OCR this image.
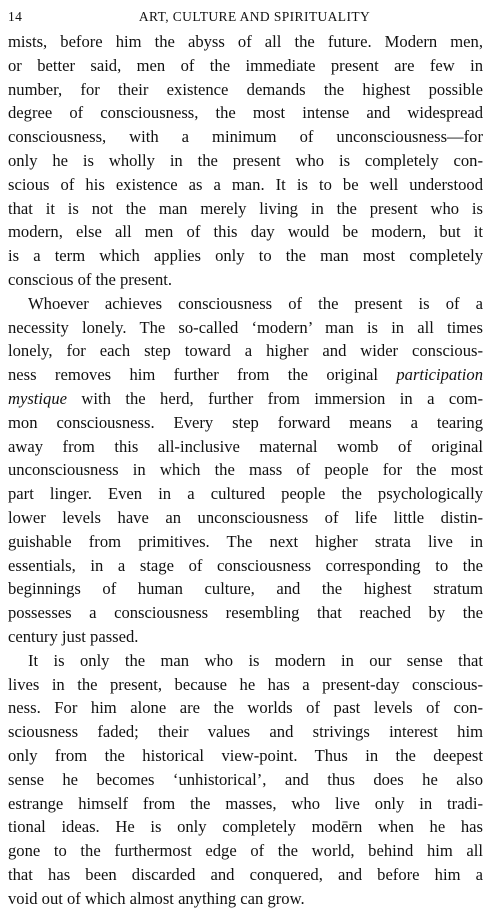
14	ART, CULTURE AND SPIRITUALITY
mists, before him the abyss of all the future. Modern men,
or better said, men of the immediate present are few in
number, for their existence demands the highest possible
degree of consciousness, the most intense and widespread
consciousness, with a minimum of unconsciousness—for
only he is wholly in the present who is completely con-
scious of his existence as a man. It is to be well understood
that it is not the man merely living in the present who is
modern, else all men of this day would be modern, but it
is a term which applies only to the man most completely
conscious of the present.
Whoever achieves consciousness of the present is of a
necessity lonely. The so-called ‘modern’ man is in all times
lonely, for each step toward a higher and wider conscious-
ness removes him further from the original participation
mystique with the herd, further from immersion in a com-
mon consciousness. Every step forward means a tearing
away from this all-inclusive maternal womb of original
unconsciousness in which the mass of people for the most
part linger. Even in a cultured people the psychologically
lower levels have an unconsciousness of life little distin-
guishable from primitives. The next higher strata live in
essentials, in a stage of consciousness corresponding to the
beginnings of human culture, and the highest stratum
possesses a consciousness resembling that reached by the
century just passed.
It is only the man who is modern in our sense that
lives in the present, because he has a present-day conscious-
ness. For him alone are the worlds of past levels of con-
sciousness faded; their values and strivings interest him
only from the historical view-point. Thus in the deepest
sense he becomes ‘unhistorical’, and thus does he also
estrange himself from the masses, who live only in tradi-
tional ideas. He is only completely modērn when he has
gone to the furthermost edge of the world, behind him all
that has been discarded and conquered, and before him a
void out of which almost anything can grow.
